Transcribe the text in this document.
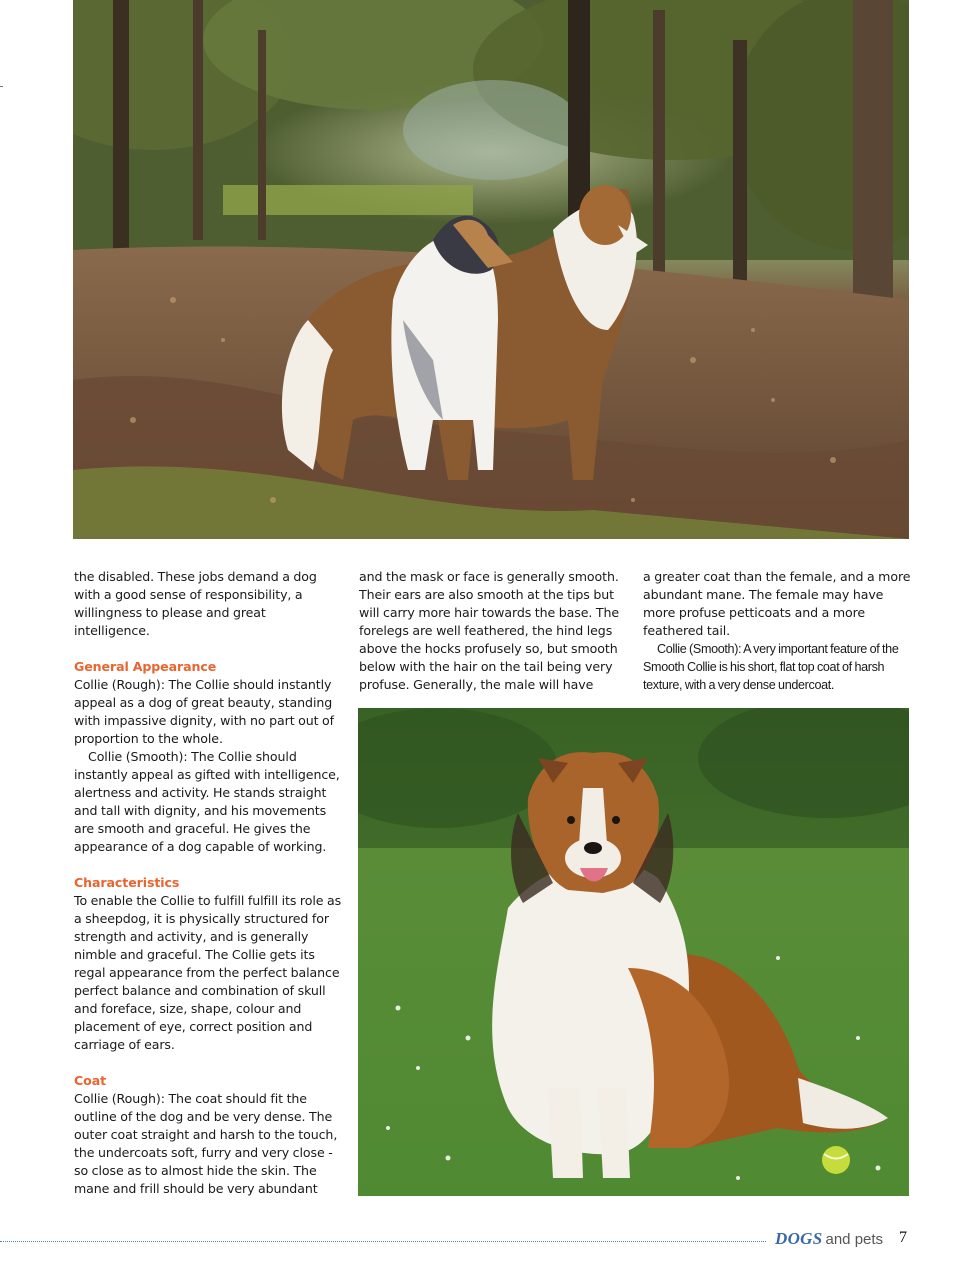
the disabled. These jobs demand a dog with a good sense of responsibility, a willingness to please and great intelligence.

General Appearance

Collie (Rough): The Collie should instantly appeal as a dog of great beauty, standing with impassive dignity, with no part out of proportion to the whole.

Collie (Smooth): The Collie should instantly appeal as gifted with intelligence, alertness and activity. He stands straight and tall with dignity, and his movements are smooth and graceful. He gives the appearance of a dog capable of working.

Characteristics

To enable the Collie to fulfill fulfill its role as a sheepdog, it is physically structured for strength and activity, and is generally nimble and graceful. The Collie gets its regal appearance from the perfect balance perfect balance and combination of skull and foreface, size, shape, colour and placement of eye, correct position and carriage of ears.

Coat

Collie (Rough): The coat should fit the outline of the dog and be very dense. The outer coat straight and harsh to the touch, the undercoats soft, furry and very close - so close as to almost hide the skin. The mane and frill should be very abundant

and the mask or face is generally smooth. Their ears are also smooth at the tips but will carry more hair towards the base. The forelegs are well feathered, the hind legs above the hocks profusely so, but smooth below with the hair on the tail being very profuse. Generally, the male will have

a greater coat than the female, and a more abundant mane. The female may have more profuse petticoats and a more feathered tail.

Collie (Smooth): A very important feature of the Smooth Collie is his short, flat top coat of harsh texture, with a very dense undercoat.

DOGS and pets 7
